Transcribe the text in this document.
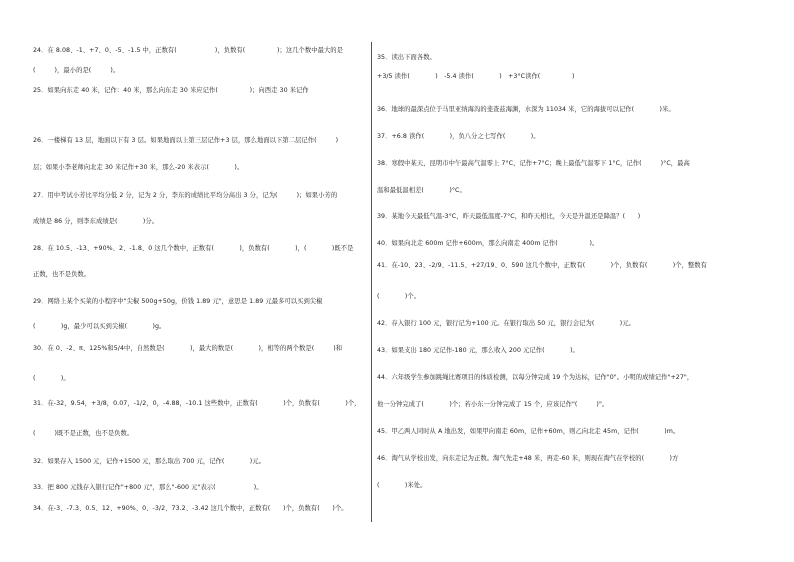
24．在 8.08、-1、+7、0、-5、-1.5 中，正数有(　　　　　　)，负数有(　　　　　)；这几个数中最大的是
(　　　)，最小的是(　　　)。
25．如果向东走 40 米，记作：40 米，那么向东走 30 米应记作(　　　　　)；向西走 30 米记作
26．一楼梯有 13 层，地面以下有 3 层。如果地面以上第三层记作+3 层，那么地面以下第二层记作(　　　)
层；如果小李老师向北走 30 米记作+30 米，那么-20 米表示(　　　　)。
27．用中考试小芳比平均分低 2 分，记为 2 分，李东的成绩比平均分高出 3 分，记为(　　　)；如果小芳的
成绩是 86 分，则李东成绩是(　　　　)分。
28．在 10.5、-13、+90%、2、-1.8、0 这几个数中，正数有(　　　　)，负数有(　　　　)，(　　　　)既不是
正数，也不是负数。
29．网络上某个买菜的小程序中"尖椒 500g+50g，价钱 1.89 元"，意思是 1.89 元最多可以买到尖椒
(　　　　)g，最少可以买到尖椒(　　　　)g。
30．在 0、-2、π、125%和5/4中，自然数是(　　　　)，最大的数是(　　　　)，相等的两个数是(　　　)和
(　　　　)。
31．在-32，9.54，+3/8，0.07，-1/2，0，-4.88，-10.1 这些数中，正数有(　　　　)个，负数有(　　　　)个，
(　　　)既不是正数，也不是负数。
32．如果存入 1500 元，记作+1500 元，那么取出 700 元，记作(　　　　)元。
33．把 800 元钱存入银行记作"+800 元"，那么"-600 元"表示(　　　　　　)。
34．在-3、-7.3、0.5、12、+90%、0、-3/2、73.2、-3.42 这几个数中，正数有(　　)个，负数有(　　)个。
35．读出下面各数。
+3/5 读作(　　　　)　-5.4 读作(　　　　)　+3°C读作(　　　　　)
36．地球的最深点位于马里亚纳海沟的斐查兹海渊，水深为 11034 米，它的海拔可以记作(　　　　)米。
37．+6.8 读作(　　　　)，负八分之七写作(　　　　)。
38．寒假中某天，昆明市中午最高气温零上 7°C，记作+7°C；晚上最低气温零下 1°C，记作(　　　)°C，最高
温和最低温相差(　　　　)°C。
39．某地今天最低气温-3°C，昨天最低温度-7°C，和昨天相比，今天是升温还是降温？(　　)
40．如果向北走 600m 记作+600m，那么向南走 400m 记作(　　　　　)。
41．在-10、23、-2/9、-11.5、+27/19、0、590 这几个数中，正数有(　　　　)个，负数有(　　　　)个，整数有
(　　　　)个。
42．存入银行 100 元，银行记为+100 元。在银行取出 50 元，银行会记为(　　　　)元。
43．如果支出 180 元记作-180 元，那么收入 200 元记作(　　　　)。
44．六年级学生参加跳绳比赛项目的体质检测，以每分钟完成 19 个为达标，记作"0"。小明的成绩记作"+27"，
他一分钟完成了(　　　　)个；若小东一分钟完成了 15 个，应该记作"(　　　)"。
45．甲乙两人同时从 A 地出发，如果甲向南走 60m，记作+60m，则乙向北走 45m，记作(　　　　)m。
46．淘气从学校出发，向东走记为正数。淘气先走+48 米，再走-60 米，则现在淘气在学校的(　　　　)方
(　　　　)米处。
